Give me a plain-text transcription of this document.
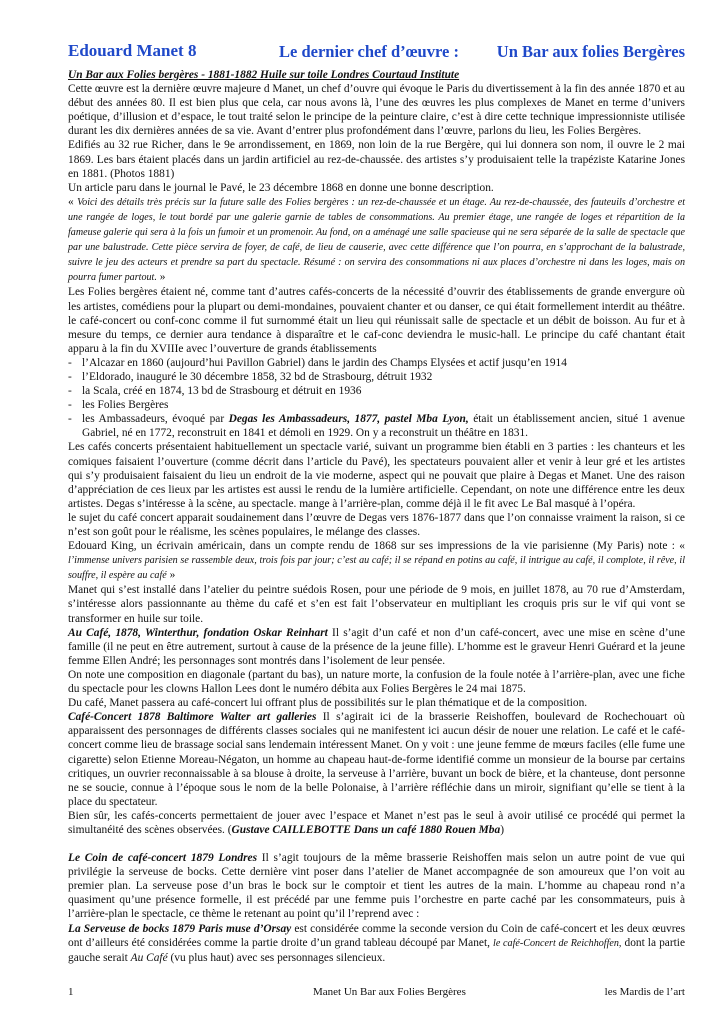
Edouard Manet 8	Le dernier chef d’œuvre : Un Bar aux folies Bergères

Un Bar aux Folies bergères - 1881-1882 Huile sur toile Londres Courtaud Institute

Cette œuvre est la dernière œuvre majeure d Manet, un chef d’ouvre qui évoque le Paris du divertissement à la fin des année 1870 et au début des années 80. Il est bien plus que cela, car nous avons là, l’une des œuvres les plus complexes de Manet en terme d’univers poétique, d’illusion et d’espace, le tout traité selon le principe de la peinture claire, c’est à dire cette technique impressionniste utilisée durant les dix dernières années de sa vie. Avant d’entrer plus profondément dans l’œuvre, parlons du lieu, les Folies Bergères.

Edifiés au 32 rue Richer, dans le 9e arrondissement, en 1869, non loin de la rue Bergère, qui lui donnera son nom, il ouvre le 2 mai 1869. Les bars étaient placés dans un jardin artificiel au rez-de-chaussée. des artistes s’y produisaient telle la trapéziste Katarine Jones en 1881. (Photos 1881)

Un article paru dans le journal le Pavé, le 23 décembre 1868 en donne une bonne description.

« Voici des détails très précis sur la future salle des Folies bergères : un rez-de-chaussée et un étage. Au rez-de-chaussée, des fauteuils d’orchestre et une rangée de loges, le tout bordé par une galerie garnie de tables de consommations. Au premier étage, une rangée de loges et répartition de la fameuse galerie qui sera à la fois un fumoir et un promenoir. Au fond, on a aménagé une salle spacieuse qui ne sera séparée de la salle de spectacle que par une balustrade. Cette pièce servira de foyer, de café, de lieu de causerie, avec cette différence que l’on pourra, en s’approchant de la balustrade, suivre le jeu des acteurs et prendre sa part du spectacle. Résumé : on servira des consommations ni aux places d’orchestre ni dans les loges, mais on pourra fumer partout. »

Les Folies bergères étaient né, comme tant d’autres cafés-concerts de la nécessité d’ouvrir des établissements de grande envergure où les artistes, comédiens pour la plupart ou demi-mondaines, pouvaient chanter et ou danser, ce qui était formellement interdit au théâtre. le café-concert ou conf-conc comme il fut surnommé était un lieu qui réunissait salle de spectacle et un débit de boisson. Au fur et à mesure du temps, ce dernier aura tendance à disparaître et le caf-conc deviendra le music-hall. Le principe du café chantant était apparu à la fin du XVIIIe avec l’ouverture de grands établissements

- l’Alcazar en 1860 (aujourd’hui Pavillon Gabriel) dans le jardin des Champs Elysées et actif jusqu’en 1914
- l’Eldorado, inauguré le 30 décembre 1858, 32 bd de Strasbourg, détruit 1932
- la Scala, créé en 1874, 13 bd de Strasbourg et détruit en 1936
- les Folies Bergères
- les Ambassadeurs, évoqué par Degas les Ambassadeurs, 1877, pastel Mba Lyon, était un établissement ancien, situé 1 avenue Gabriel, né en 1772, reconstruit en 1841 et démoli en 1929. On y a reconstruit un théâtre en 1831.

Les cafés concerts présentaient habituellement un spectacle varié, suivant un programme bien établi en 3 parties : les chanteurs et les comiques faisaient l’ouverture (comme décrit dans l’article du Pavé), les spectateurs pouvaient aller et venir à leur gré et les artistes qui s’y produisaient faisaient du lieu un endroit de la vie moderne, aspect qui ne pouvait que plaire à Degas et Manet. Une des raison d’appréciation de ces lieux par les artistes est aussi le rendu de la lumière artificielle. Cependant, on note une différence entre les deux artistes. Degas s’intéresse à la scène, au spectacle. mange à l’arrière-plan, comme déjà il le fit avec Le Bal masqué à l’opéra.

le sujet du café concert apparait soudainement dans l’œuvre de Degas vers 1876-1877 dans que l’on connaisse vraiment la raison, si ce n’est son goût pour le réalisme, les scènes populaires, le mélange des classes.

Edouard King, un écrivain américain, dans un compte rendu de 1868 sur ses impressions de la vie parisienne (My Paris) note : « l’immense univers parisien se rassemble deux, trois fois par jour; c’est au café; il se répand en potins au café, il intrigue au café, il complote, il rêve, il souffre, il espère au café »

Manet qui s’est installé dans l’atelier du peintre suédois Rosen, pour une période de 9 mois, en juillet 1878, au 70 rue d’Amsterdam, s’intéresse alors passionnante au thème du café et s’en est fait l’observateur en multipliant les croquis pris sur le vif qui vont se transformer en huile sur toile.

Au Café, 1878, Winterthur, fondation Oskar Reinhart Il s’agit d’un café et non d’un café-concert, avec une mise en scène d’une famille (il ne peut en être autrement, surtout à cause de la présence de la jeune fille). L’homme est le graveur Henri Guérard et la jeune femme Ellen André; les personnages sont montrés dans l’isolement de leur pensée.

On note une composition en diagonale (partant du bas), un nature morte, la confusion de la foule notée à l’arrière-plan, avec une fiche du spectacle pour les clowns Hallon Lees dont le numéro débita aux Folies Bergères le 24 mai 1875.

Du café, Manet passera au café-concert lui offrant plus de possibilités sur le plan thématique et de la composition.

Café-Concert 1878 Baltimore Walter art galleries Il s’agirait ici de la brasserie Reishoffen, boulevard de Rochechouart où apparaissent des personnages de différents classes sociales qui ne manifestent ici aucun désir de nouer une relation. Le café et le café-concert comme lieu de brassage social sans lendemain intéressent Manet. On y voit : une jeune femme de mœurs faciles (elle fume une cigarette) selon Etienne Moreau-Négaton, un homme au chapeau haut-de-forme identifié comme un monsieur de la bourse par certains critiques, un ouvrier reconnaissable à sa blouse à droite, la serveuse à l’arrière, buvant un bock de bière, et la chanteuse, dont personne ne se soucie, connue à l’époque sous le nom de la belle Polonaise, à l’arrière réfléchie dans un miroir, signifiant qu’elle se tient à la place du spectateur.

Bien sûr, les cafés-concerts permettaient de jouer avec l’espace et Manet n’est pas le seul à avoir utilisé ce procédé qui permet la simultanéité des scènes observées. (Gustave CAILLEBOTTE Dans un café 1880 Rouen Mba)

Le Coin de café-concert 1879 Londres Il s’agit toujours de la même brasserie Reishoffen mais selon un autre point de vue qui privilégie la serveuse de bocks. Cette dernière vint poser dans l’atelier de Manet accompagnée de son amoureux que l’on voit au premier plan. La serveuse pose d’un bras le bock sur le comptoir et tient les autres de la main. L’homme au chapeau rond n’a quasiment qu’une présence formelle, il est précédé par une femme puis l’orchestre en parte caché par les consommateurs, puis à l’arrière-plan le spectacle, ce thème le retenant au point qu’il l’reprend avec :

La Serveuse de bocks 1879 Paris muse d’Orsay est considérée comme la seconde version du Coin de café-concert et les deux œuvres ont d’ailleurs été considérées comme la partie droite d’un grand tableau découpé par Manet, le café-Concert de Reichhoffen, dont la partie gauche serait Au Café (vu plus haut) avec ses personnages silencieux.

1	Manet Un Bar aux Folies Bergères	les Mardis de l’art
